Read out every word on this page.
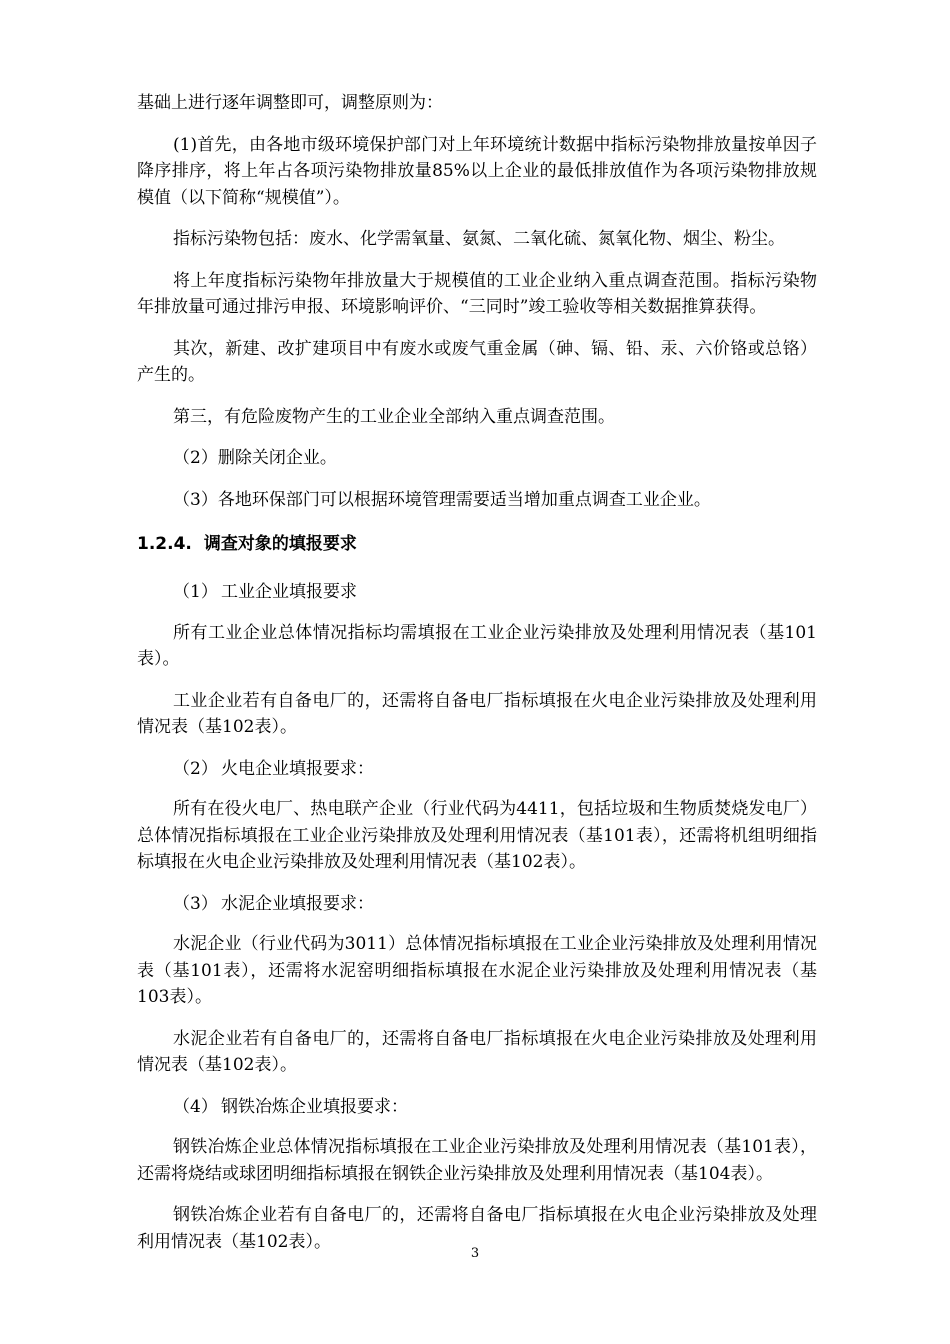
基础上进行逐年调整即可，调整原则为：

(1)首先，由各地市级环境保护部门对上年环境统计数据中指标污染物排放量按单因子降序排序，将上年占各项污染物排放量85%以上企业的最低排放值作为各项污染物排放规模值（以下简称“规模值”）。

指标污染物包括：废水、化学需氧量、氨氮、二氧化硫、氮氧化物、烟尘、粉尘。

将上年度指标污染物年排放量大于规模值的工业企业纳入重点调查范围。指标污染物年排放量可通过排污申报、环境影响评价、“三同时”竣工验收等相关数据推算获得。

其次，新建、改扩建项目中有废水或废气重金属（砷、镉、铅、汞、六价铬或总铬）产生的。

第三，有危险废物产生的工业企业全部纳入重点调查范围。

（2）删除关闭企业。

（3）各地环保部门可以根据环境管理需要适当增加重点调查工业企业。

1.2.4. 调查对象的填报要求

（1） 工业企业填报要求

所有工业企业总体情况指标均需填报在工业企业污染排放及处理利用情况表（基101表）。

工业企业若有自备电厂的，还需将自备电厂指标填报在火电企业污染排放及处理利用情况表（基102表）。

（2） 火电企业填报要求：

所有在役火电厂、热电联产企业（行业代码为4411，包括垃圾和生物质焚烧发电厂）总体情况指标填报在工业企业污染排放及处理利用情况表（基101表），还需将机组明细指标填报在火电企业污染排放及处理利用情况表（基102表）。

（3） 水泥企业填报要求：

水泥企业（行业代码为3011）总体情况指标填报在工业企业污染排放及处理利用情况表（基101表），还需将水泥窑明细指标填报在水泥企业污染排放及处理利用情况表（基103表）。

水泥企业若有自备电厂的，还需将自备电厂指标填报在火电企业污染排放及处理利用情况表（基102表）。

（4） 钢铁冶炼企业填报要求：

钢铁冶炼企业总体情况指标填报在工业企业污染排放及处理利用情况表（基101表），还需将烧结或球团明细指标填报在钢铁企业污染排放及处理利用情况表（基104表）。

钢铁冶炼企业若有自备电厂的，还需将自备电厂指标填报在火电企业污染排放及处理利用情况表（基102表）。

3
